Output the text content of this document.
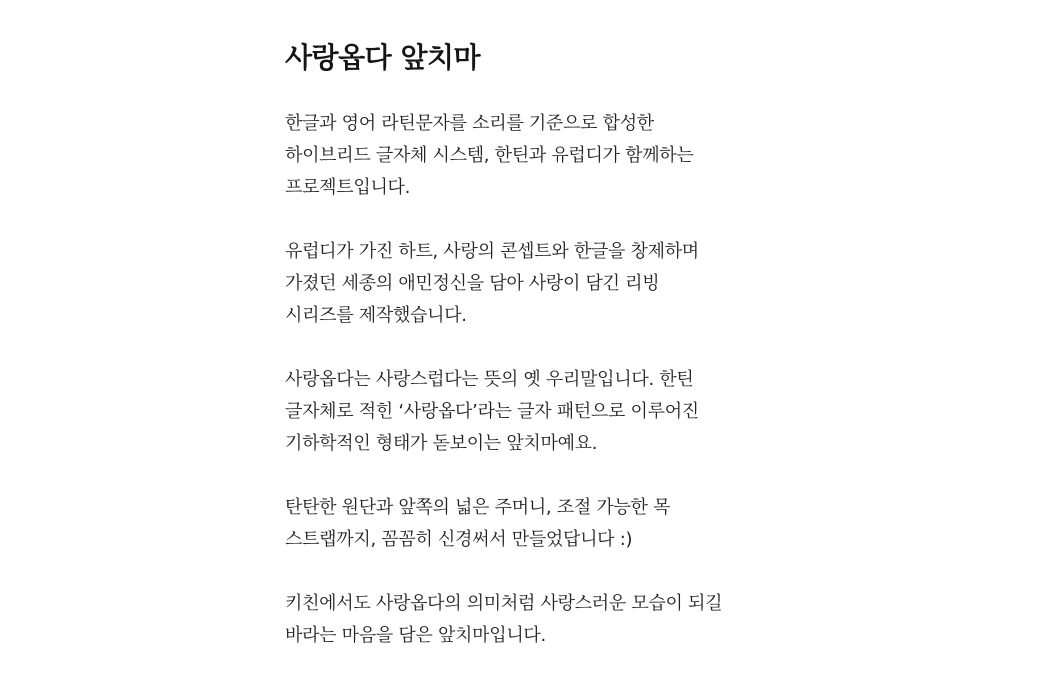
사랑옵다 앞치마
한글과 영어 라틴문자를 소리를 기준으로 합성한
하이브리드 글자체 시스템, 한틴과 유럽디가 함께하는
프로젝트입니다.
유럽디가 가진 하트, 사랑의 콘셉트와 한글을 창제하며
가졌던 세종의 애민정신을 담아 사랑이 담긴 리빙
시리즈를 제작했습니다.
사랑옵다는 사랑스럽다는 뜻의 옛 우리말입니다. 한틴
글자체로 적힌 ‘사랑옵다’라는 글자 패턴으로 이루어진
기하학적인 형태가 돋보이는 앞치마예요.
탄탄한 원단과 앞쪽의 넓은 주머니, 조절 가능한 목
스트랩까지, 꼼꼼히 신경써서 만들었답니다 :)
키친에서도 사랑옵다의 의미처럼 사랑스러운 모습이 되길
바라는 마음을 담은 앞치마입니다.
